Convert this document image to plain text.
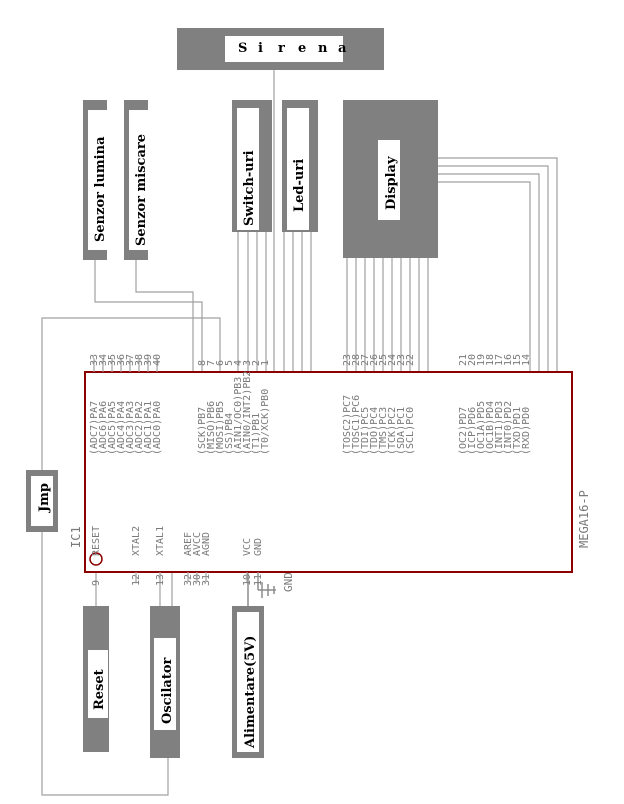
33
(ADC7)PA7
34
(ADC6)PA6
35
(ADC5)PA5
36
(ADC4)PA4
37
(ADC3)PA3
38
(ADC2)PA2
39
(ADC1)PA1
40
(ADC0)PA0
8
(SCK)PB7
7
(MISO)PB6
6
(MOSI)PB5
5
(SS)PB4
4
(AIN1/OC0)PB3
3
(AIN0/INT2)PB2
2
(T1)PB1
1
(T0/XCK)PB0
23
(TOSC2)PC7
28
(TOSC1)PC6
27
(TDI)PC5
26
(TDO)PC4
25
(TMS)PC3
24
(TCK)PC2
23
(SDA)PC1
22
(SCL)PC0
21
(OC2)PD7
20
(ICP)PD6
19
(OC1A)PD5
18
(OC1B)PD4
17
(INT1)PD3
16
(INT0)PD2
15
(TXD)PD1
14
(RXD)PD0
9
RESET
12
XTAL2
13
XTAL1
32
AREF
30
AVCC
31
AGND
10
VCC
11
GND
IC1	MEGA16-P
GND
Senzor lumina Senzor miscare	Switch-uri	Led-uri	Display
S i r e n a
Jmp
Reset	Oscilator	Alimentare(5V)
